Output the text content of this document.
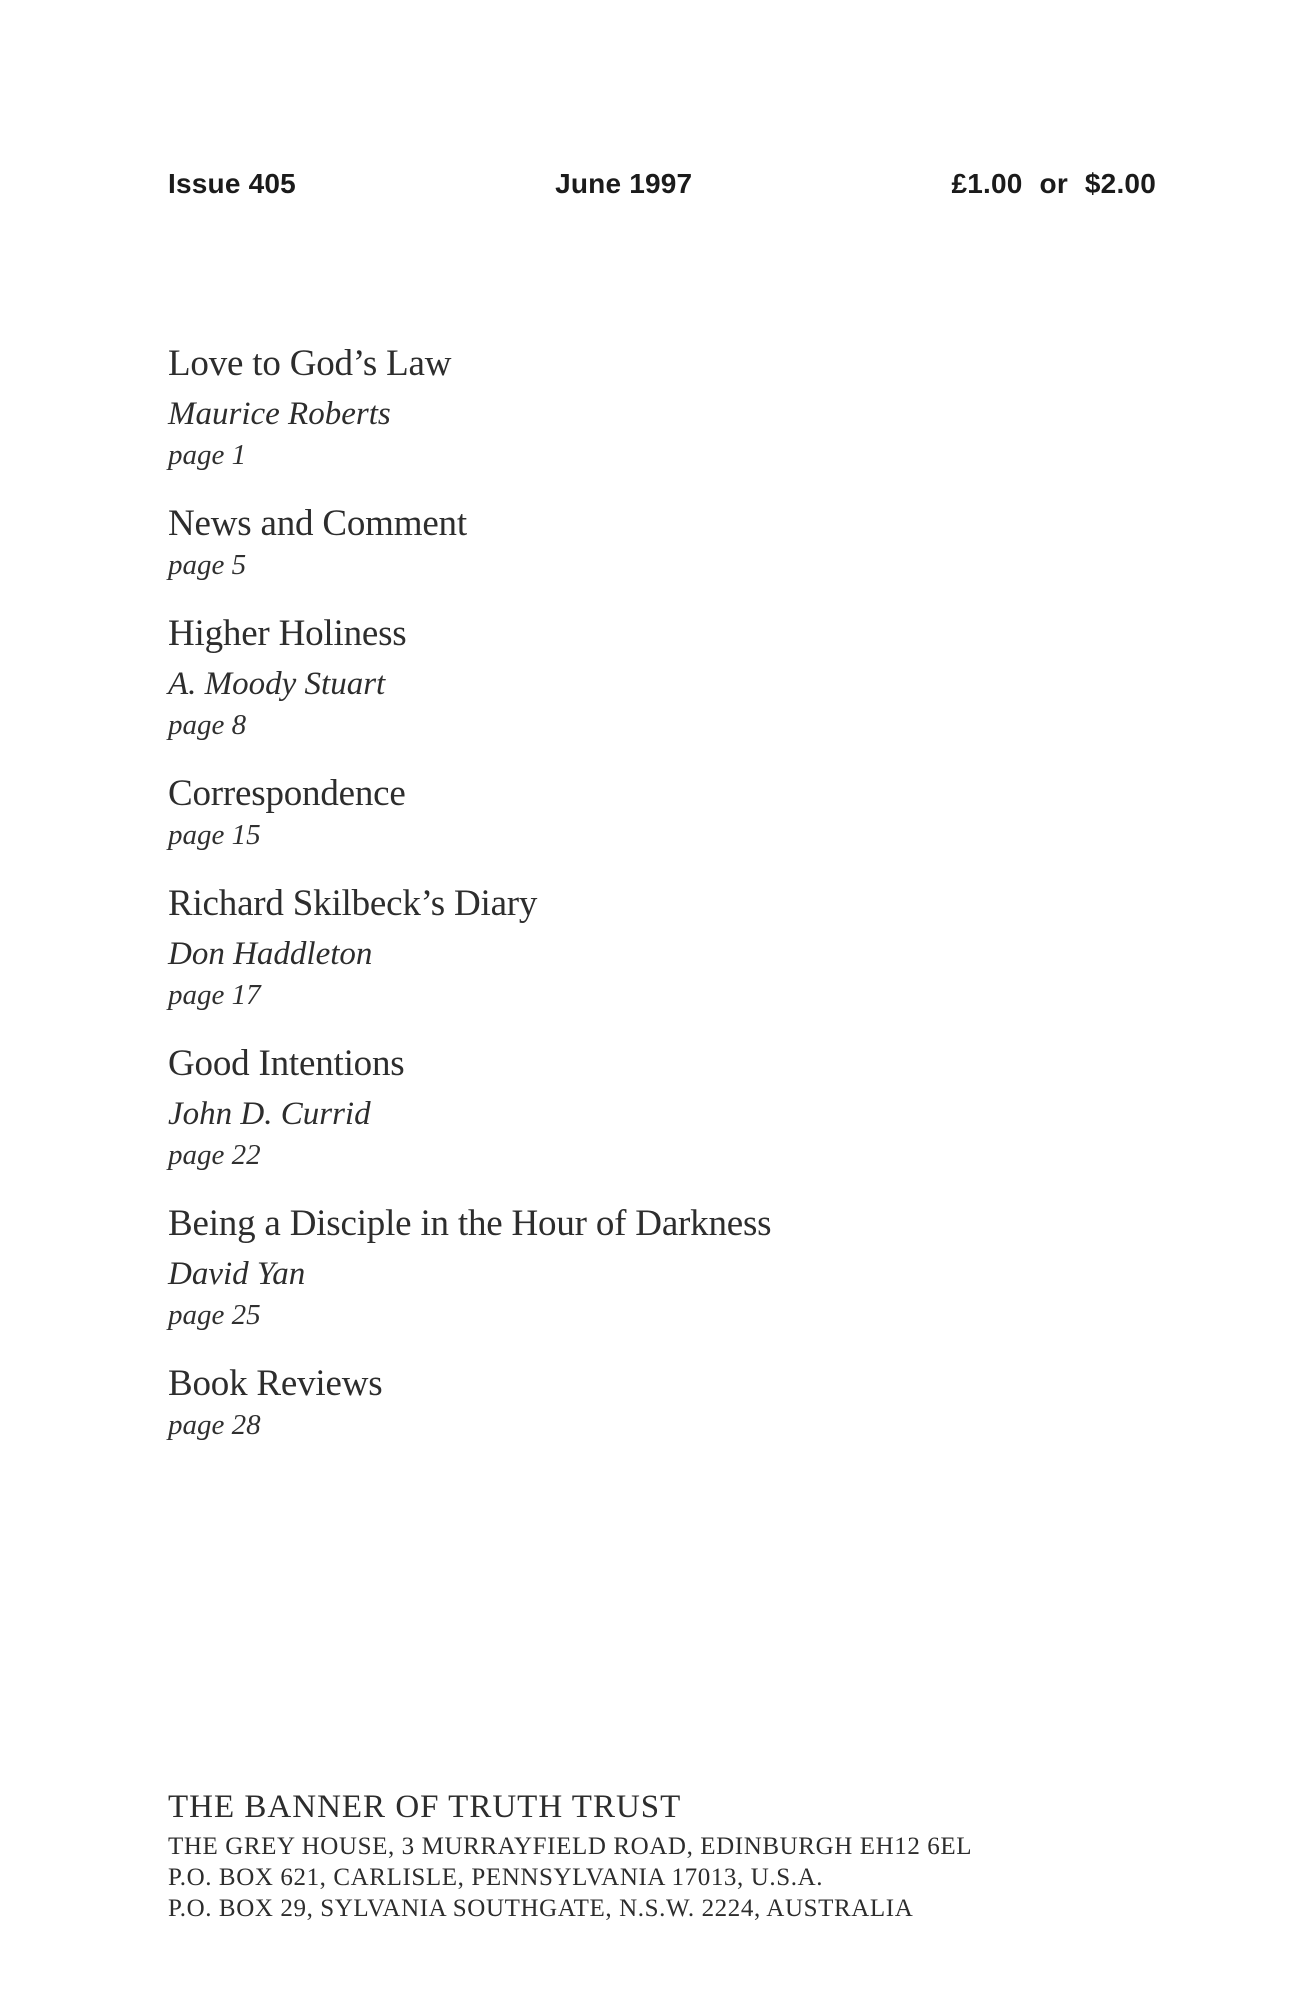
Issue 405	June 1997	£1.00 or $2.00
Love to God’s Law
Maurice Roberts
page 1
News and Comment
page 5
Higher Holiness
A. Moody Stuart
page 8
Correspondence
page 15
Richard Skilbeck’s Diary
Don Haddleton
page 17
Good Intentions
John D. Currid
page 22
Being a Disciple in the Hour of Darkness
David Yan
page 25
Book Reviews
page 28
THE BANNER OF TRUTH TRUST
THE GREY HOUSE, 3 MURRAYFIELD ROAD, EDINBURGH EH12 6EL
P.O. BOX 621, CARLISLE, PENNSYLVANIA 17013, U.S.A.
P.O. BOX 29, SYLVANIA SOUTHGATE, N.S.W. 2224, AUSTRALIA
